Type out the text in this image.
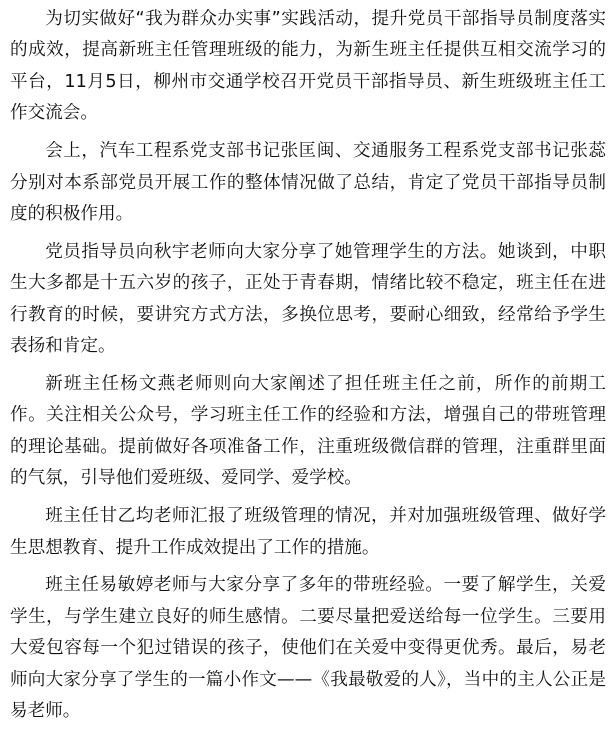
为切实做好“我为群众办实事”实践活动，提升党员干部指导员制度落实的成效，提高新班主任管理班级的能力，为新生班主任提供互相交流学习的平台，11月5日，柳州市交通学校召开党员干部指导员、新生班级班主任工作交流会。

会上，汽车工程系党支部书记张匡闽、交通服务工程系党支部书记张蕊分别对本系部党员开展工作的整体情况做了总结，肯定了党员干部指导员制度的积极作用。

党员指导员向秋宇老师向大家分享了她管理学生的方法。她谈到，中职生大多都是十五六岁的孩子，正处于青春期，情绪比较不稳定，班主任在进行教育的时候，要讲究方式方法，多换位思考，要耐心细致，经常给予学生表扬和肯定。

新班主任杨文燕老师则向大家阐述了担任班主任之前，所作的前期工作。关注相关公众号，学习班主任工作的经验和方法，增强自己的带班管理的理论基础。提前做好各项准备工作，注重班级微信群的管理，注重群里面的气氛，引导他们爱班级、爱同学、爱学校。

班主任甘乙均老师汇报了班级管理的情况，并对加强班级管理、做好学生思想教育、提升工作成效提出了工作的措施。

班主任易敏婷老师与大家分享了多年的带班经验。一要了解学生，关爱学生，与学生建立良好的师生感情。二要尽量把爱送给每一位学生。三要用大爱包容每一个犯过错误的孩子，使他们在关爱中变得更优秀。最后，易老师向大家分享了学生的一篇小作文——《我最敬爱的人》，当中的主人公正是易老师。
